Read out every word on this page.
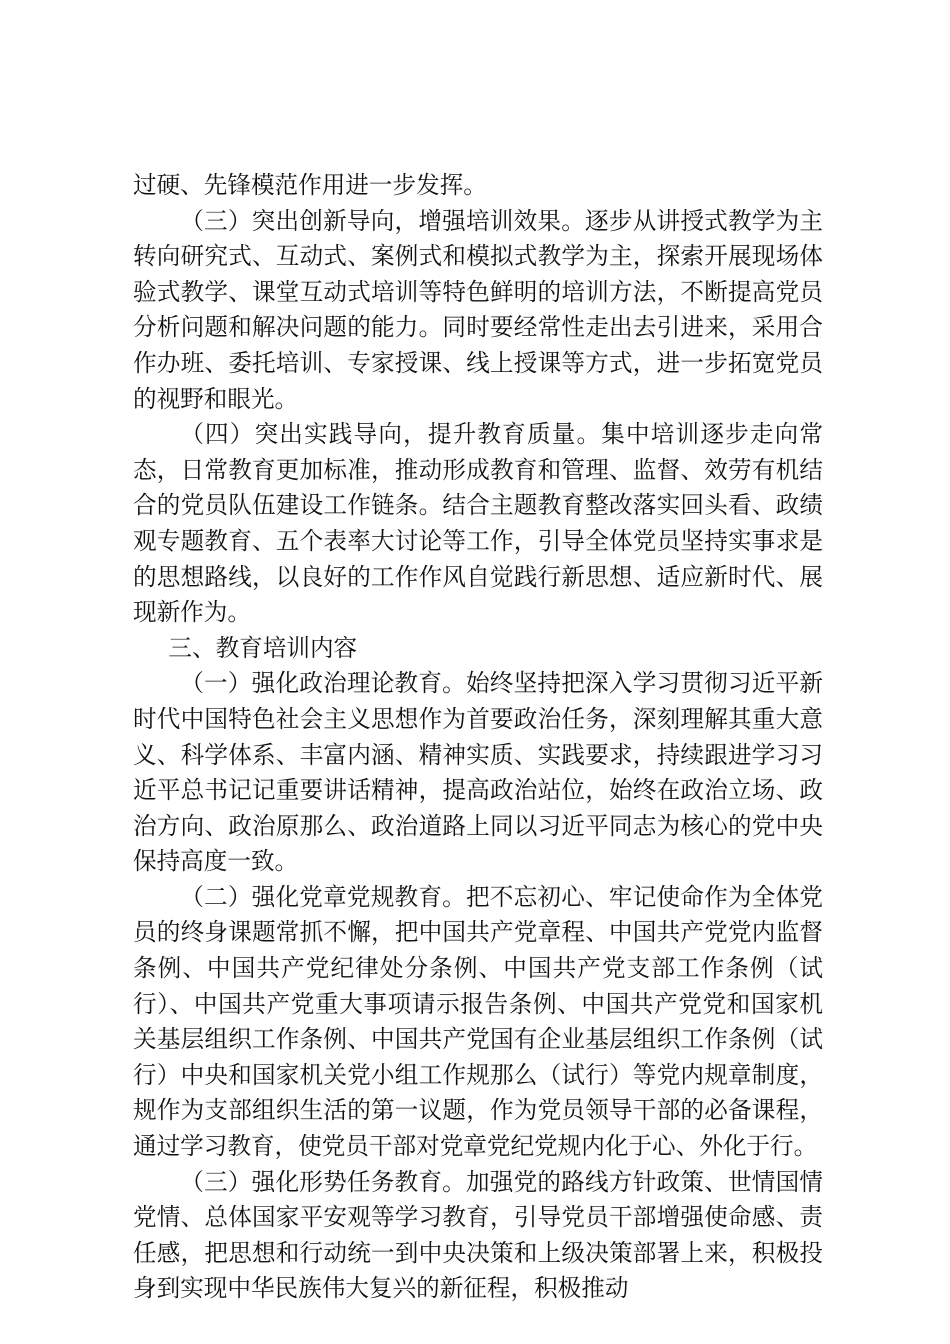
过硬、先锋模范作用进一步发挥。

（三）突出创新导向，增强培训效果。逐步从讲授式教学为主转向研究式、互动式、案例式和模拟式教学为主，探索开展现场体验式教学、课堂互动式培训等特色鲜明的培训方法，不断提高党员分析问题和解决问题的能力。同时要经常性走出去引进来，采用合作办班、委托培训、专家授课、线上授课等方式，进一步拓宽党员的视野和眼光。

（四）突出实践导向，提升教育质量。集中培训逐步走向常态，日常教育更加标准，推动形成教育和管理、监督、效劳有机结合的党员队伍建设工作链条。结合主题教育整改落实回头看、政绩观专题教育、五个表率大讨论等工作，引导全体党员坚持实事求是的思想路线，以良好的工作作风自觉践行新思想、适应新时代、展现新作为。

三、教育培训内容

（一）强化政治理论教育。始终坚持把深入学习贯彻习近平新时代中国特色社会主义思想作为首要政治任务，深刻理解其重大意义、科学体系、丰富内涵、精神实质、实践要求，持续跟进学习习近平总书记记重要讲话精神，提高政治站位，始终在政治立场、政治方向、政治原那么、政治道路上同以习近平同志为核心的党中央保持高度一致。

（二）强化党章党规教育。把不忘初心、牢记使命作为全体党员的终身课题常抓不懈，把中国共产党章程、中国共产党党内监督条例、中国共产党纪律处分条例、中国共产党支部工作条例（试行）、中国共产党重大事项请示报告条例、中国共产党党和国家机关基层组织工作条例、中国共产党国有企业基层组织工作条例（试行）中央和国家机关党小组工作规那么（试行）等党内规章制度，规作为支部组织生活的第一议题，作为党员领导干部的必备课程，通过学习教育，使党员干部对党章党纪党规内化于心、外化于行。

（三）强化形势任务教育。加强党的路线方针政策、世情国情党情、总体国家平安观等学习教育，引导党员干部增强使命感、责任感，把思想和行动统一到中央决策和上级决策部署上来，积极投身到实现中华民族伟大复兴的新征程，积极推动
